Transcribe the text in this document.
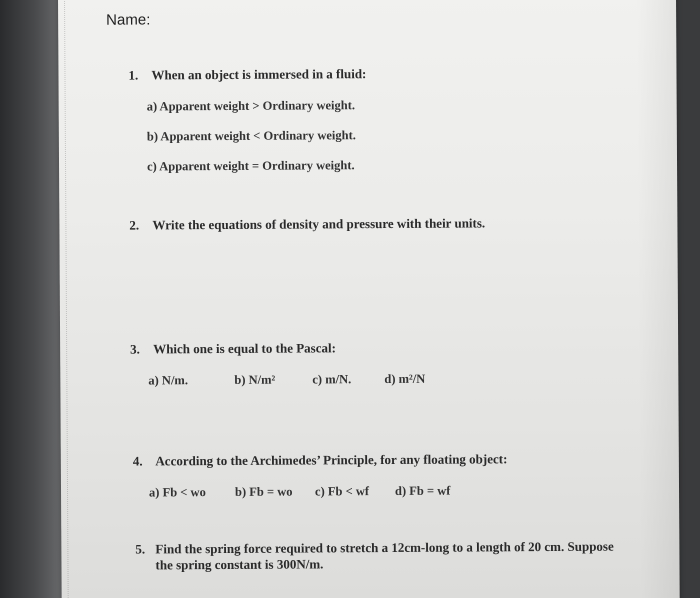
Name:
1. When an object is immersed in a fluid:
a) Apparent weight > Ordinary weight.
b) Apparent weight < Ordinary weight.
c) Apparent weight = Ordinary weight.
2. Write the equations of density and pressure with their units.
3. Which one is equal to the Pascal:
a) N/m.	b) N/m²	c) m/N.	d) m²/N
4. According to the Archimedes’ Principle, for any floating object:
a) Fb < wo b) Fb = wo c) Fb < wf d) Fb = wf
5. Find the spring force required to stretch a 12cm-long to a length of 20 cm. Suppose the spring constant is 300N/m.
